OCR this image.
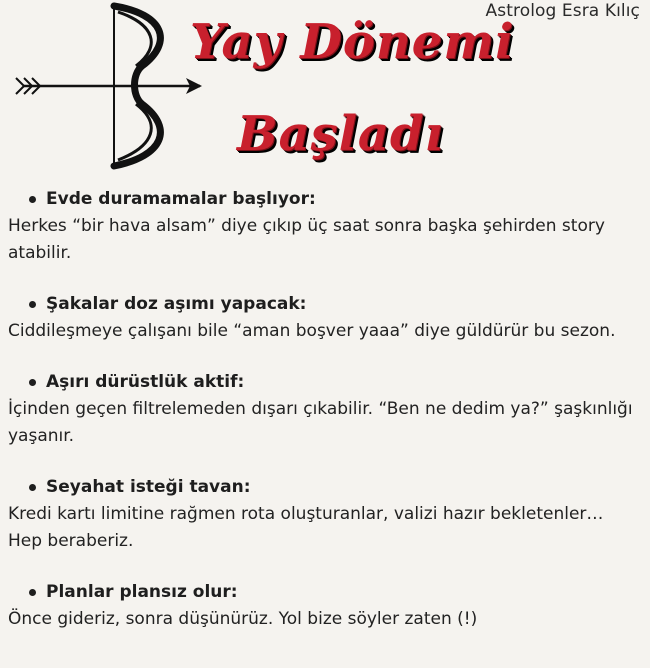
Astrolog Esra Kılıç
Yay Dönemi
Başladı
Evde duramamalar başlıyor:
Herkes “bir hava alsam” diye çıkıp üç saat sonra başka şehirden story atabilir.
Şakalar doz aşımı yapacak:
Ciddileşmeye çalışanı bile “aman boşver yaaa” diye güldürür bu sezon.
Aşırı dürüstlük aktif:
İçinden geçen filtrelemeden dışarı çıkabilir. “Ben ne dedim ya?” şaşkınlığı yaşanır.
Seyahat isteği tavan:
Kredi kartı limitine rağmen rota oluşturanlar, valizi hazır bekletenler… Hep beraberiz.
Planlar plansız olur:
Önce gideriz, sonra düşünürüz. Yol bize söyler zaten (!)
